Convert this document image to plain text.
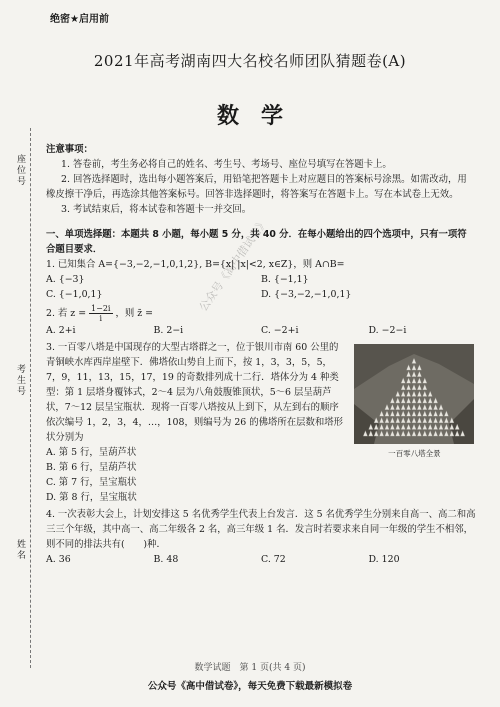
绝密★启用前
2021年高考湖南四大名校名师团队猜题卷(A)
数学
座位号
考生号
姓名
公众号《高中借试卷》
注意事项：
1. 答卷前，考生务必将自己的姓名、考生号、考场号、座位号填写在答题卡上。
2. 回答选择题时，选出每小题答案后，用铅笔把答题卡上对应题目的答案标号涂黑。如需改动，用橡皮擦干净后，再选涂其他答案标号。回答非选择题时，将答案写在答题卡上。写在本试卷上无效。
3. 考试结束后，将本试卷和答题卡一并交回。
一、单项选择题：本题共 8 小题，每小题 5 分，共 40 分．在每小题给出的四个选项中，只有一项符合题目要求．
1. 已知集合 A={−3,−2,−1,0,1,2}, B={x| |x|<2, x∈Z}，则 A∩B=
A. {−3}	B. {−1,1}
C. {−1,0,1}	D. {−3,−2,−1,0,1}
2. 若 $z = \frac{1-2i}{i}$ ，则 z̄ =
A. 2+i	B. 2−i	C. −2+i	D. −2−i
3. 一百零八塔是中国现存的大型古塔群之一，位于银川市南 60 公里的青铜峡水库西岸崖壁下．佛塔依山势自上而下，按 1，3，3，5，5，7，9，11，13，15，17，19 的奇数排列成十二行．塔体分为 4 种类型：第 1 层塔身覆钵式，2～4 层为八角鼓腹锥顶状，5～6 层呈葫芦状，7～12 层呈宝瓶状．现将一百零八塔按从上到下，从左到右的顺序依次编号 1，2，3，4，…，108，则编号为 26 的佛塔所在层数和塔形状分别为
A. 第 5 行，呈葫芦状
B. 第 6 行，呈葫芦状
C. 第 7 行，呈宝瓶状
D. 第 8 行，呈宝瓶状
一百零八塔全景
4. 一次表彰大会上，计划安排这 5 名优秀学生代表上台发言．这 5 名优秀学生分别来自高一、高二和高三三个年级，其中高一、高二年级各 2 名，高三年级 1 名．发言时若要求来自同一年级的学生不相邻，则不同的排法共有(　　)种．
A. 36	B. 48	C. 72	D. 120
数学试题　第 1 页(共 4 页)
公众号《高中借试卷》，每天免费下载最新模拟卷
